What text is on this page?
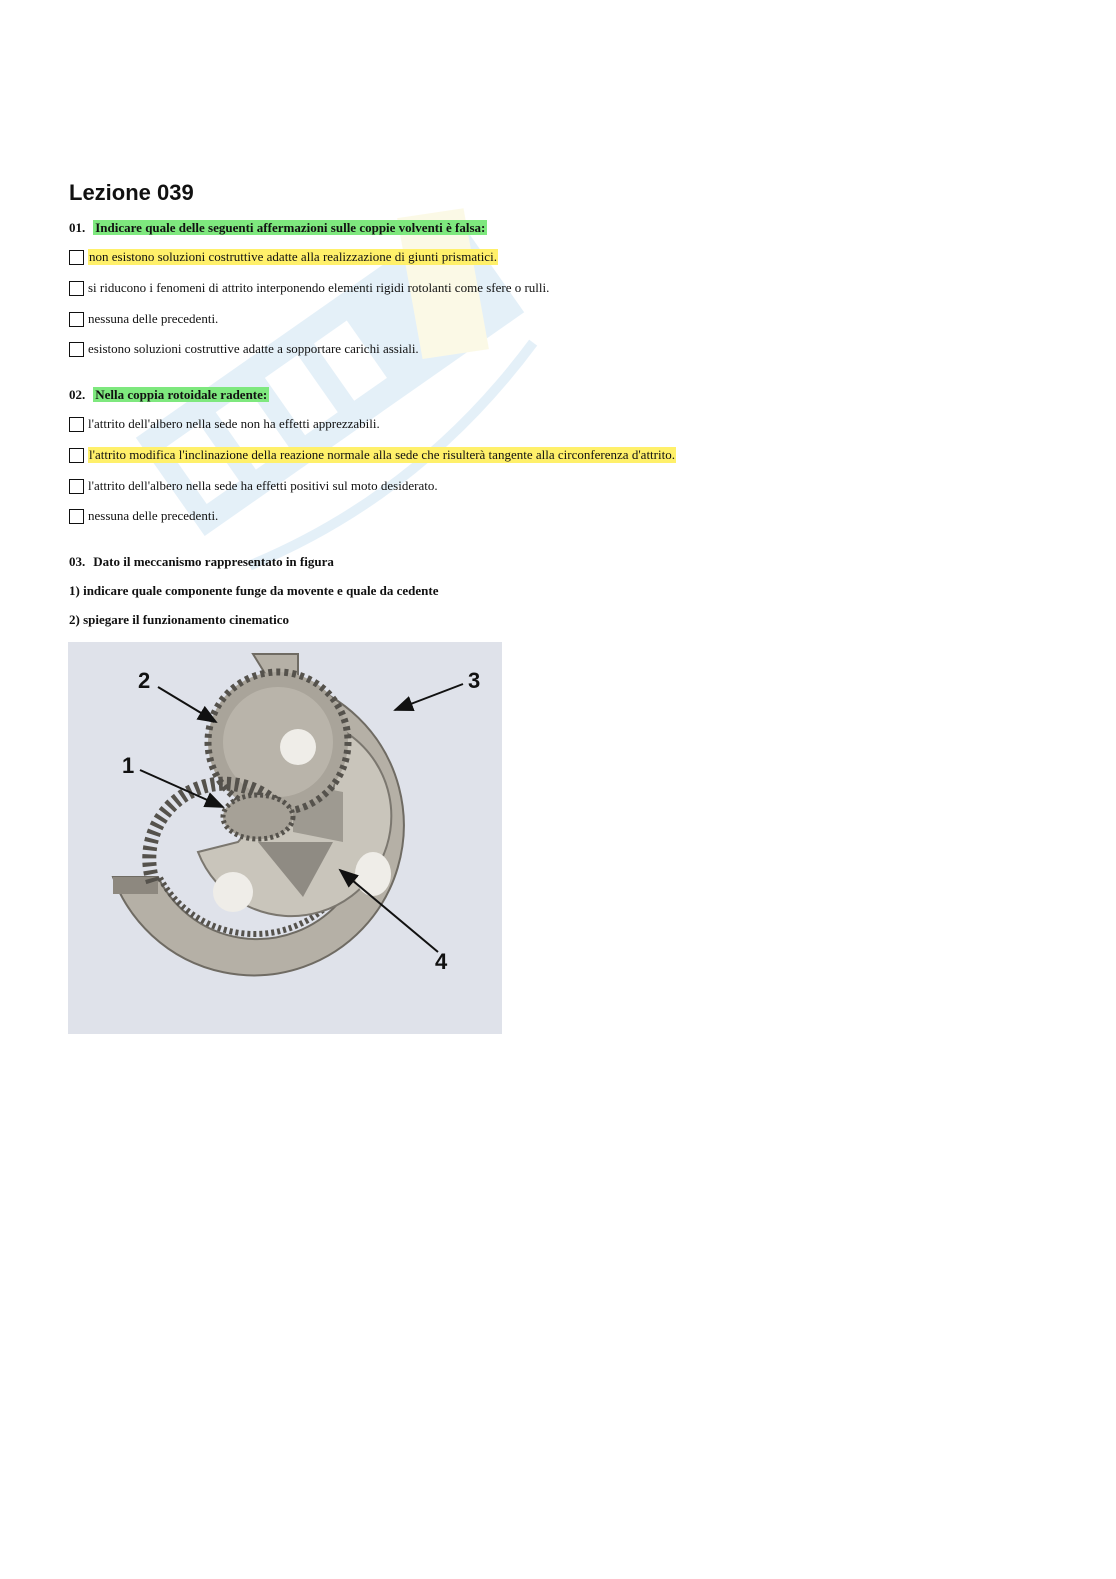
Lezione 039
01. Indicare quale delle seguenti affermazioni sulle coppie volventi è falsa:
non esistono soluzioni costruttive adatte alla realizzazione di giunti prismatici.
si riducono i fenomeni di attrito interponendo elementi rigidi rotolanti come sfere o rulli.
nessuna delle precedenti.
esistono soluzioni costruttive adatte a sopportare carichi assiali.
02. Nella coppia rotoidale radente:
l'attrito dell'albero nella sede non ha effetti apprezzabili.
l'attrito modifica l'inclinazione della reazione normale alla sede che risulterà tangente alla circonferenza d'attrito.
l'attrito dell'albero nella sede ha effetti positivi sul moto desiderato.
nessuna delle precedenti.
03. Dato il meccanismo rappresentato in figura
1) indicare quale componente funge da movente e quale da cedente
2) spiegare il funzionamento cinematico
2
1
3
4
